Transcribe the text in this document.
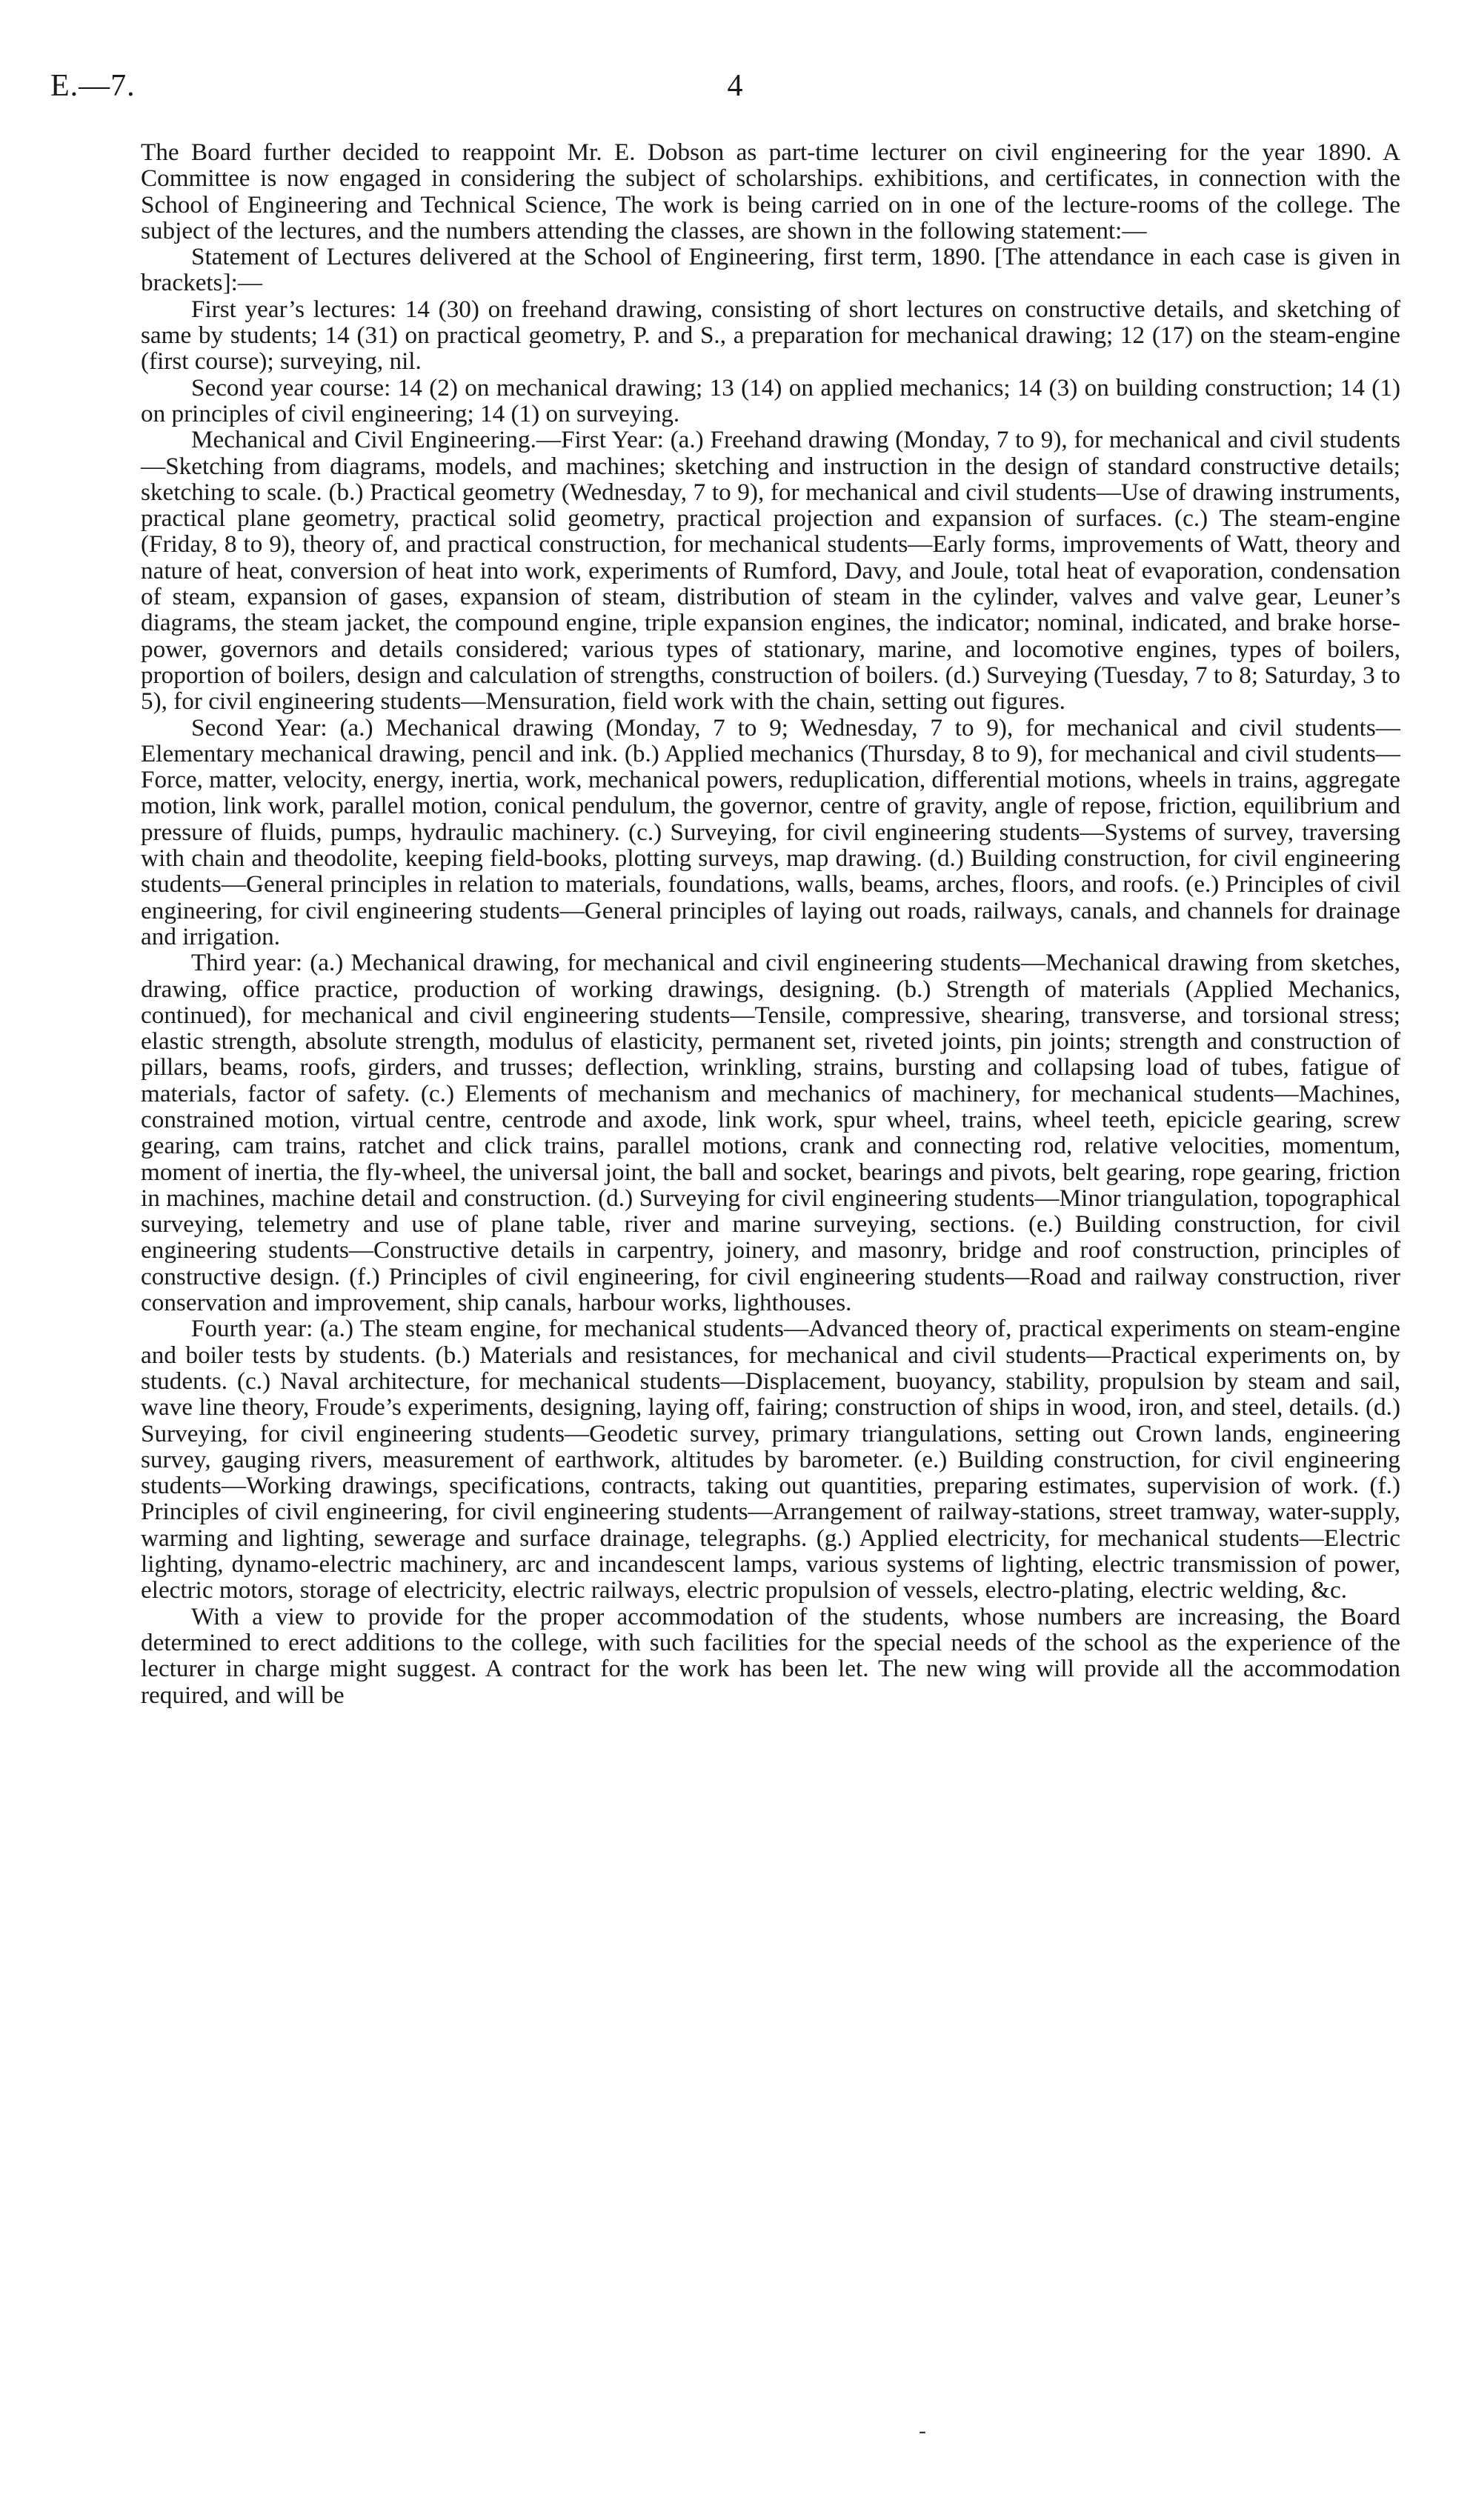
E.—7.	4

The Board further decided to reappoint Mr. E. Dobson as part-time lecturer on civil engineering for the year 1890. A Committee is now engaged in considering the subject of scholarships. exhibitions, and certificates, in connection with the School of Engineering and Technical Science, The work is being carried on in one of the lecture-rooms of the college. The subject of the lectures, and the numbers attending the classes, are shown in the following statement:—

Statement of Lectures delivered at the School of Engineering, first term, 1890. [The attendance in each case is given in brackets]:—

First year’s lectures: 14 (30) on freehand drawing, consisting of short lectures on constructive details, and sketching of same by students; 14 (31) on practical geometry, P. and S., a preparation for mechanical drawing; 12 (17) on the steam-engine (first course); surveying, nil.

Second year course: 14 (2) on mechanical drawing; 13 (14) on applied mechanics; 14 (3) on building construction; 14 (1) on principles of civil engineering; 14 (1) on surveying.

Mechanical and Civil Engineering.—First Year: (a.) Freehand drawing (Monday, 7 to 9), for mechanical and civil students—Sketching from diagrams, models, and machines; sketching and instruction in the design of standard constructive details; sketching to scale. (b.) Practical geometry (Wednesday, 7 to 9), for mechanical and civil students—Use of drawing instruments, practical plane geometry, practical solid geometry, practical projection and expansion of surfaces. (c.) The steam-engine (Friday, 8 to 9), theory of, and practical construction, for mechanical students—Early forms, improvements of Watt, theory and nature of heat, conversion of heat into work, experiments of Rumford, Davy, and Joule, total heat of evaporation, condensation of steam, expansion of gases, expansion of steam, distribution of steam in the cylinder, valves and valve gear, Leuner’s diagrams, the steam jacket, the compound engine, triple expansion engines, the indicator; nominal, indicated, and brake horse-power, governors and details considered; various types of stationary, marine, and locomotive engines, types of boilers, proportion of boilers, design and calculation of strengths, construction of boilers. (d.) Surveying (Tuesday, 7 to 8; Saturday, 3 to 5), for civil engineering students—Mensuration, field work with the chain, setting out figures.

Second Year: (a.) Mechanical drawing (Monday, 7 to 9; Wednesday, 7 to 9), for mechanical and civil students—Elementary mechanical drawing, pencil and ink. (b.) Applied mechanics (Thursday, 8 to 9), for mechanical and civil students—Force, matter, velocity, energy, inertia, work, mechanical powers, reduplication, differential motions, wheels in trains, aggregate motion, link work, parallel motion, conical pendulum, the governor, centre of gravity, angle of repose, friction, equilibrium and pressure of fluids, pumps, hydraulic machinery. (c.) Surveying, for civil engineering students—Systems of survey, traversing with chain and theodolite, keeping field-books, plotting surveys, map drawing. (d.) Building construction, for civil engineering students—General principles in relation to materials, foundations, walls, beams, arches, floors, and roofs. (e.) Principles of civil engineering, for civil engineering students—General principles of laying out roads, railways, canals, and channels for drainage and irrigation.

Third year: (a.) Mechanical drawing, for mechanical and civil engineering students—Mechanical drawing from sketches, drawing, office practice, production of working drawings, designing. (b.) Strength of materials (Applied Mechanics, continued), for mechanical and civil engineering students—Tensile, compressive, shearing, transverse, and torsional stress; elastic strength, absolute strength, modulus of elasticity, permanent set, riveted joints, pin joints; strength and construction of pillars, beams, roofs, girders, and trusses; deflection, wrinkling, strains, bursting and collapsing load of tubes, fatigue of materials, factor of safety. (c.) Elements of mechanism and mechanics of machinery, for mechanical students—Machines, constrained motion, virtual centre, centrode and axode, link work, spur wheel, trains, wheel teeth, epicicle gearing, screw gearing, cam trains, ratchet and click trains, parallel motions, crank and connecting rod, relative velocities, momentum, moment of inertia, the fly-wheel, the universal joint, the ball and socket, bearings and pivots, belt gearing, rope gearing, friction in machines, machine detail and construction. (d.) Surveying for civil engineering students—Minor triangulation, topographical surveying, telemetry and use of plane table, river and marine surveying, sections. (e.) Building construction, for civil engineering students—Constructive details in carpentry, joinery, and masonry, bridge and roof construction, principles of constructive design. (f.) Principles of civil engineering, for civil engineering students—Road and railway construction, river conservation and improvement, ship canals, harbour works, lighthouses.

Fourth year: (a.) The steam engine, for mechanical students—Advanced theory of, practical experiments on steam-engine and boiler tests by students. (b.) Materials and resistances, for mechanical and civil students—Practical experiments on, by students. (c.) Naval architecture, for mechanical students—Displacement, buoyancy, stability, propulsion by steam and sail, wave line theory, Froude’s experiments, designing, laying off, fairing; construction of ships in wood, iron, and steel, details. (d.) Surveying, for civil engineering students—Geodetic survey, primary triangulations, setting out Crown lands, engineering survey, gauging rivers, measurement of earthwork, altitudes by barometer. (e.) Building construction, for civil engineering students—Working drawings, specifications, contracts, taking out quantities, preparing estimates, supervision of work. (f.) Principles of civil engineering, for civil engineering students—Arrangement of railway-stations, street tramway, water-supply, warming and lighting, sewerage and surface drainage, telegraphs. (g.) Applied electricity, for mechanical students—Electric lighting, dynamo-electric machinery, arc and incandescent lamps, various systems of lighting, electric transmission of power, electric motors, storage of electricity, electric railways, electric propulsion of vessels, electro-plating, electric welding, &c.

With a view to provide for the proper accommodation of the students, whose numbers are increasing, the Board determined to erect additions to the college, with such facilities for the special needs of the school as the experience of the lecturer in charge might suggest. A contract for the work has been let. The new wing will provide all the accommodation required, and will be

-
